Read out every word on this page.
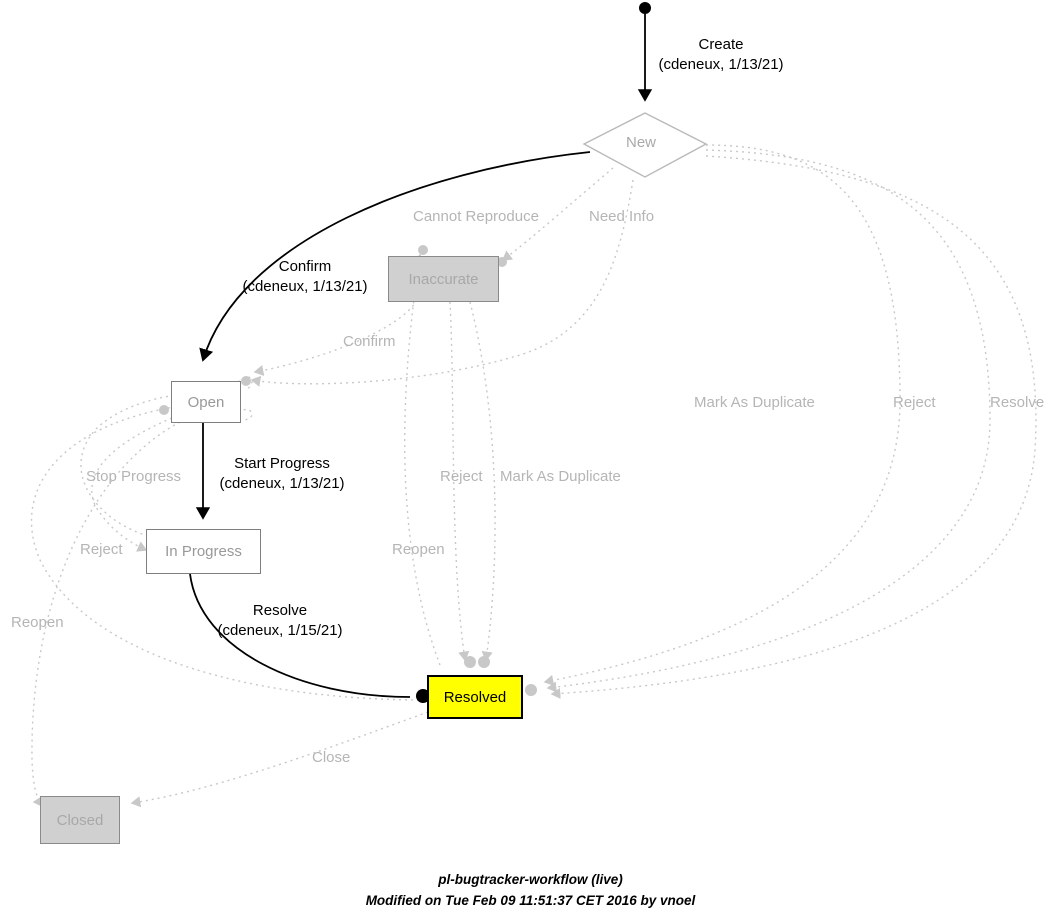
New
Inaccurate
Open
In Progress
Resolved
Closed
Create
(cdeneux, 1/13/21)
Confirm
(cdeneux, 1/13/21)
Start Progress
(cdeneux, 1/13/21)
Resolve
(cdeneux, 1/15/21)
Cannot Reproduce	Need Info
Confirm
Mark As Duplicate	Reject	Resolve
Stop Progress
Reject
Reject Mark As Duplicate
Reopen
Reopen
Close
pl-bugtracker-workflow (live)
Modified on Tue Feb 09 11:51:37 CET 2016 by vnoel
